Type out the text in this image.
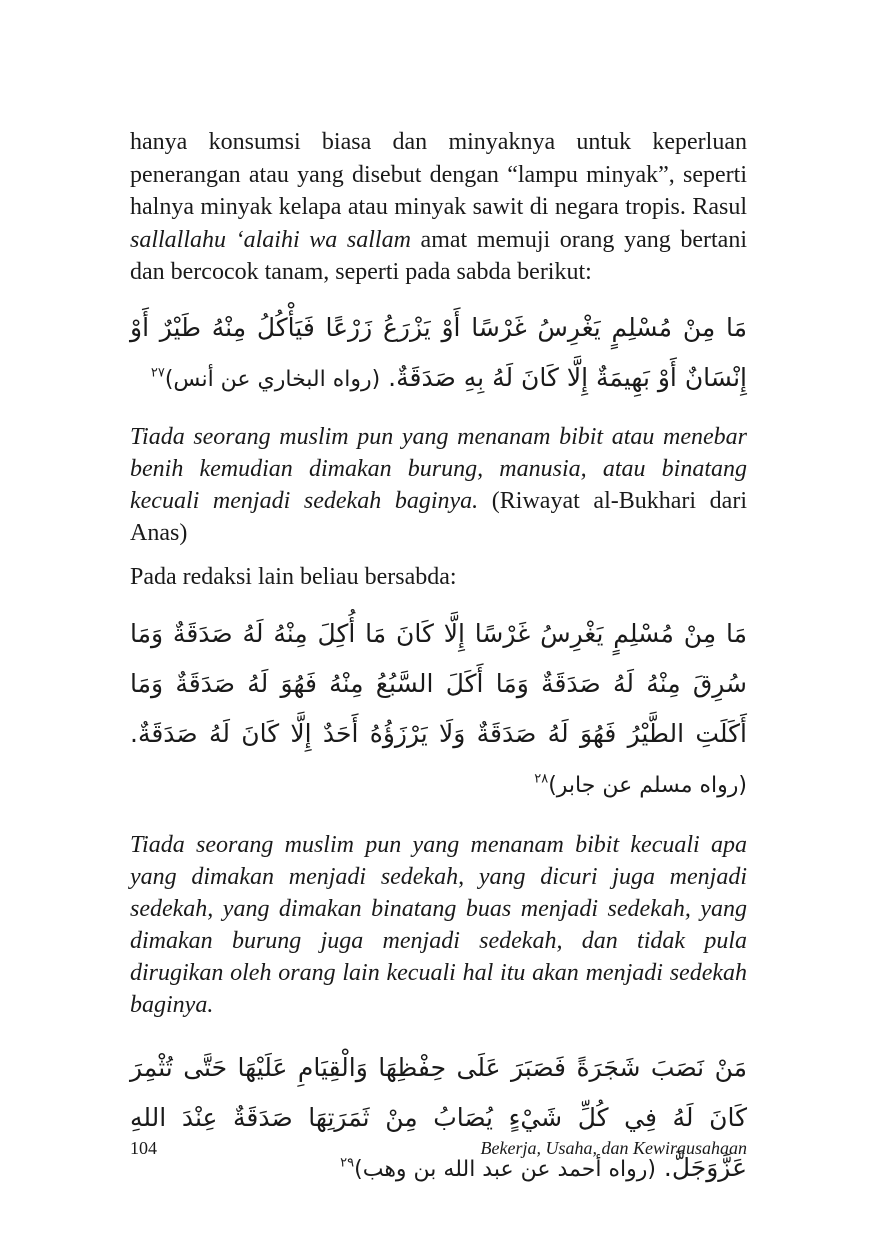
hanya konsumsi biasa dan minyaknya untuk keperluan penerangan atau yang disebut dengan “lampu minyak”, seperti halnya minyak kelapa atau minyak sawit di negara tropis. Rasul sallallahu ‘alaihi wa sallam amat memuji orang yang bertani dan bercocok tanam, seperti pada sabda berikut:

مَا مِنْ مُسْلِمٍ يَغْرِسُ غَرْسًا أَوْ يَزْرَعُ زَرْعًا فَيَأْكُلُ مِنْهُ طَيْرٌ أَوْ إِنْسَانٌ أَوْ بَهِيمَةٌ إِلَّا كَانَ لَهُ بِهِ صَدَقَةٌ. (رواه البخاري عن أنس)$^{٢٧}$

Tiada seorang muslim pun yang menanam bibit atau menebar benih kemudian dimakan burung, manusia, atau binatang kecuali menjadi sedekah baginya. (Riwayat al-Bukhari dari Anas)

Pada redaksi lain beliau bersabda:

مَا مِنْ مُسْلِمٍ يَغْرِسُ غَرْسًا إِلَّا كَانَ مَا أُكِلَ مِنْهُ لَهُ صَدَقَةٌ وَمَا سُرِقَ مِنْهُ لَهُ صَدَقَةٌ وَمَا أَكَلَ السَّبُعُ مِنْهُ فَهُوَ لَهُ صَدَقَةٌ وَمَا أَكَلَتِ الطَّيْرُ فَهُوَ لَهُ صَدَقَةٌ وَلَا يَرْزَؤُهُ أَحَدٌ إِلَّا كَانَ لَهُ صَدَقَةٌ. (رواه مسلم عن جابر)$^{٢٨}$

Tiada seorang muslim pun yang menanam bibit kecuali apa yang dimakan menjadi sedekah, yang dicuri juga menjadi sedekah, yang dimakan binatang buas menjadi sedekah, yang dimakan burung juga menjadi sedekah, dan tidak pula dirugikan oleh orang lain kecuali hal itu akan menjadi sedekah baginya.

مَنْ نَصَبَ شَجَرَةً فَصَبَرَ عَلَى حِفْظِهَا وَالْقِيَامِ عَلَيْهَا حَتَّى تُثْمِرَ كَانَ لَهُ فِي كُلِّ شَيْءٍ يُصَابُ مِنْ ثَمَرَتِهَا صَدَقَةٌ عِنْدَ اللهِ عَزَّوَجَلَّ. (رواه أحمد عن عبد الله بن وهب)$^{٢٩}$

104	Bekerja, Usaha, dan Kewirausahaan
